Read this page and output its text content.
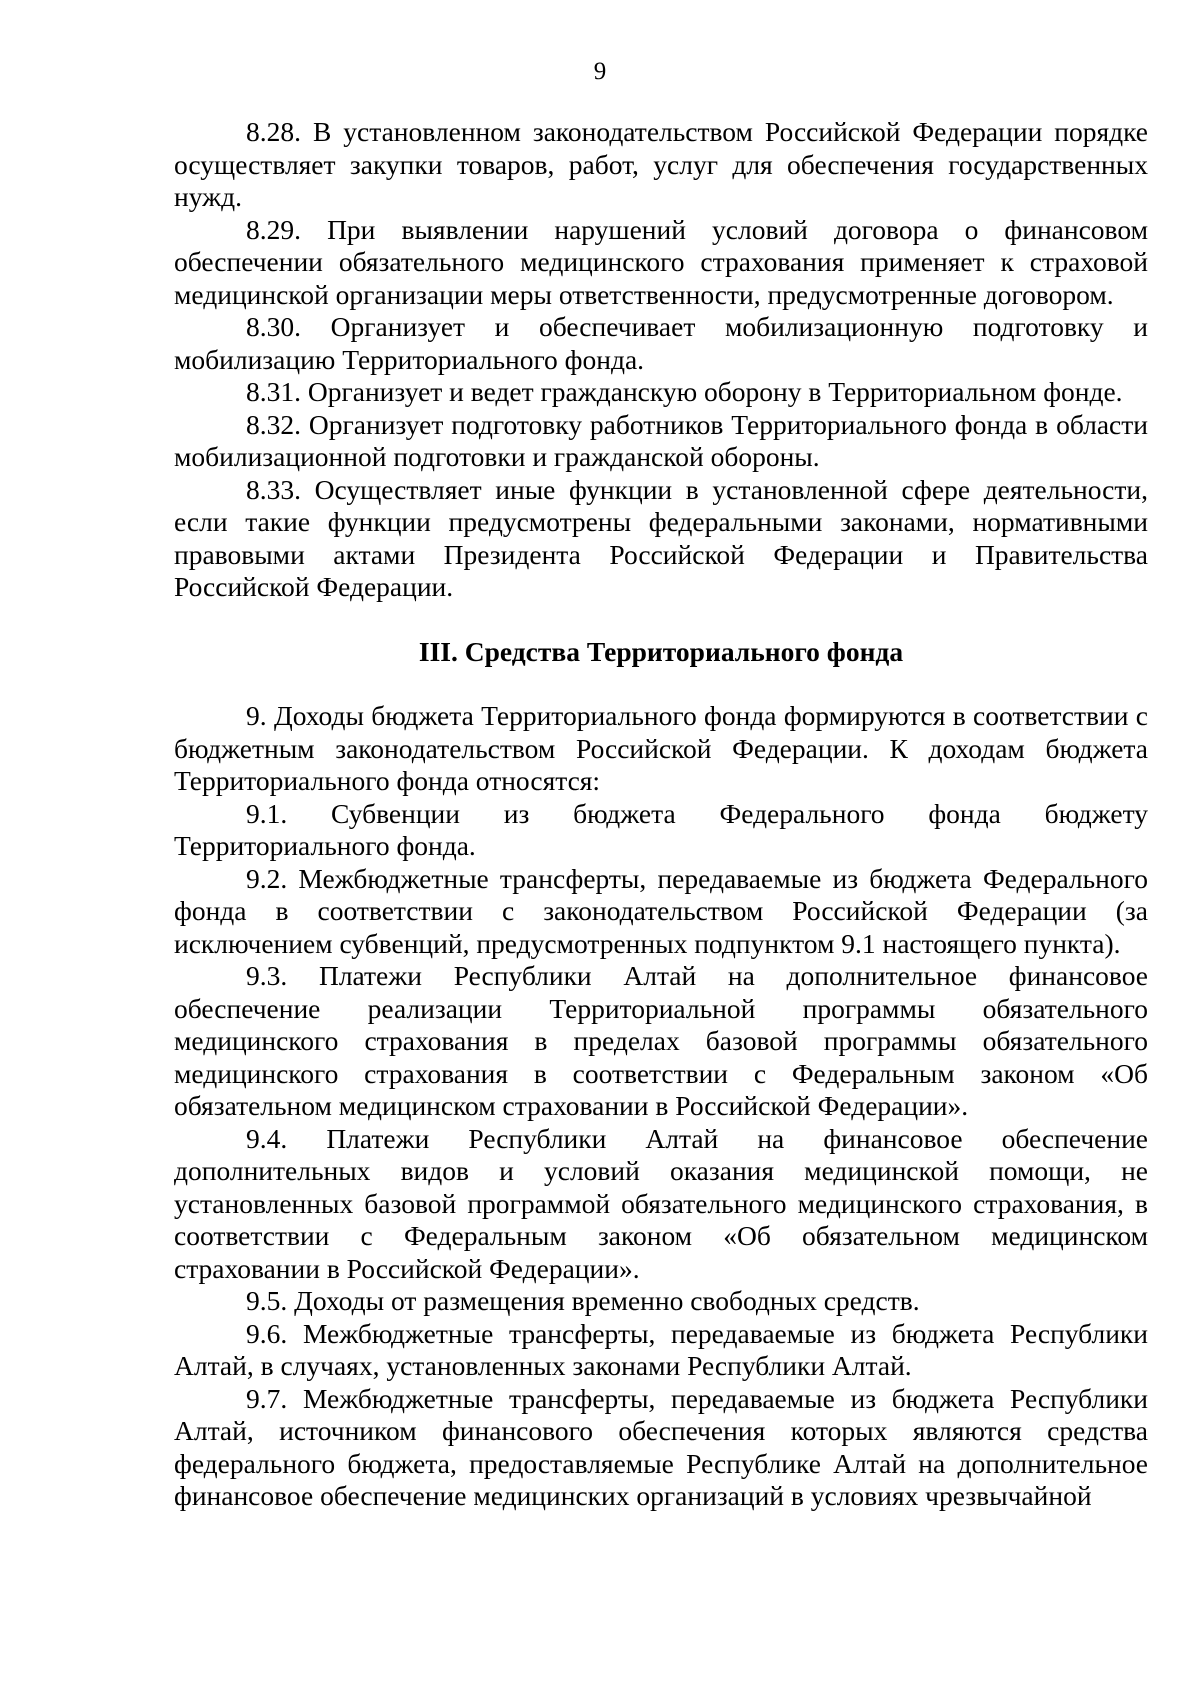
9

8.28. В установленном законодательством Российской Федерации порядке осуществляет закупки товаров, работ, услуг для обеспечения государственных нужд.

8.29. При выявлении нарушений условий договора о финансовом обеспечении обязательного медицинского страхования применяет к страховой медицинской организации меры ответственности, предусмотренные договором.

8.30. Организует и обеспечивает мобилизационную подготовку и мобилизацию Территориального фонда.

8.31. Организует и ведет гражданскую оборону в Территориальном фонде.

8.32. Организует подготовку работников Территориального фонда в области мобилизационной подготовки и гражданской обороны.

8.33. Осуществляет иные функции в установленной сфере деятельности, если такие функции предусмотрены федеральными законами, нормативными правовыми актами Президента Российской Федерации и Правительства Российской Федерации.

III. Средства Территориального фонда

9. Доходы бюджета Территориального фонда формируются в соответствии с бюджетным законодательством Российской Федерации. К доходам бюджета Территориального фонда относятся:

9.1. Субвенции из бюджета Федерального фонда бюджету Территориального фонда.

9.2. Межбюджетные трансферты, передаваемые из бюджета Федерального фонда в соответствии с законодательством Российской Федерации (за исключением субвенций, предусмотренных подпунктом 9.1 настоящего пункта).

9.3. Платежи Республики Алтай на дополнительное финансовое обеспечение реализации Территориальной программы обязательного медицинского страхования в пределах базовой программы обязательного медицинского страхования в соответствии с Федеральным законом «Об обязательном медицинском страховании в Российской Федерации».

9.4. Платежи Республики Алтай на финансовое обеспечение дополнительных видов и условий оказания медицинской помощи, не установленных базовой программой обязательного медицинского страхования, в соответствии с Федеральным законом «Об обязательном медицинском страховании в Российской Федерации».

9.5. Доходы от размещения временно свободных средств.

9.6. Межбюджетные трансферты, передаваемые из бюджета Республики Алтай, в случаях, установленных законами Республики Алтай.

9.7. Межбюджетные трансферты, передаваемые из бюджета Республики Алтай, источником финансового обеспечения которых являются средства федерального бюджета, предоставляемые Республике Алтай на дополнительное финансовое обеспечение медицинских организаций в условиях чрезвычайной
